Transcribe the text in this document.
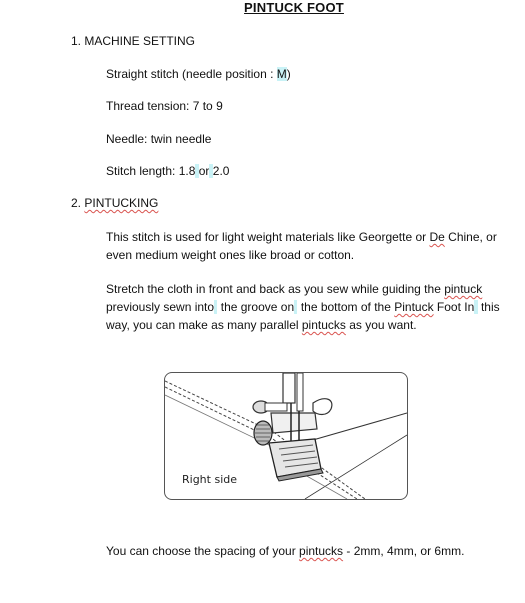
PINTUCK FOOT
1. MACHINE SETTING
Straight stitch (needle position : M)
Thread tension: 7 to 9
Needle: twin needle
Stitch length: 1.8 or 2.0
2. PINTUCKING
This stitch is used for light weight materials like Georgette or De Chine, or even medium weight ones like broad or cotton.
Stretch the cloth in front and back as you sew while guiding the pintuck previously sewn into  the groove on  the bottom of the Pintuck Foot In  this way, you can make as many parallel pintucks as you want.
Right side
You can choose the spacing of your pintucks - 2mm, 4mm, or 6mm.
